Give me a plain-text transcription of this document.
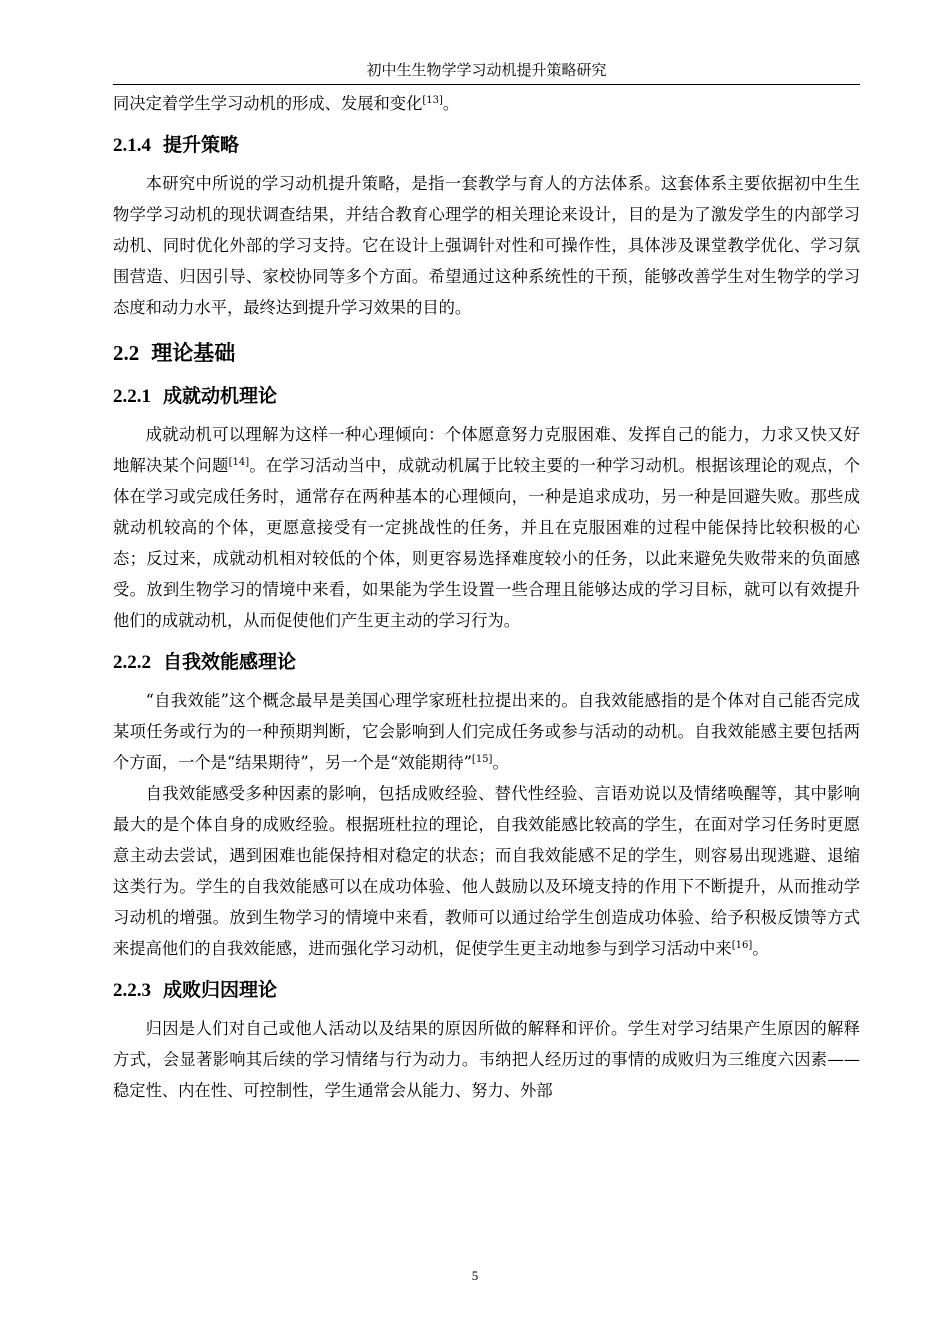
初中生生物学学习动机提升策略研究

同决定着学生学习动机的形成、发展和变化[13]。

2.1.4 提升策略

本研究中所说的学习动机提升策略，是指一套教学与育人的方法体系。这套体系主要依据初中生生物学学习动机的现状调查结果，并结合教育心理学的相关理论来设计，目的是为了激发学生的内部学习动机、同时优化外部的学习支持。它在设计上强调针对性和可操作性，具体涉及课堂教学优化、学习氛围营造、归因引导、家校协同等多个方面。希望通过这种系统性的干预，能够改善学生对生物学的学习态度和动力水平，最终达到提升学习效果的目的。

2.2 理论基础
2.2.1 成就动机理论

成就动机可以理解为这样一种心理倾向：个体愿意努力克服困难、发挥自己的能力，力求又快又好地解决某个问题[14]。在学习活动当中，成就动机属于比较主要的一种学习动机。根据该理论的观点，个体在学习或完成任务时，通常存在两种基本的心理倾向，一种是追求成功，另一种是回避失败。那些成就动机较高的个体，更愿意接受有一定挑战性的任务，并且在克服困难的过程中能保持比较积极的心态；反过来，成就动机相对较低的个体，则更容易选择难度较小的任务，以此来避免失败带来的负面感受。放到生物学习的情境中来看，如果能为学生设置一些合理且能够达成的学习目标，就可以有效提升他们的成就动机，从而促使他们产生更主动的学习行为。

2.2.2 自我效能感理论

“自我效能”这个概念最早是美国心理学家班杜拉提出来的。自我效能感指的是个体对自己能否完成某项任务或行为的一种预期判断，它会影响到人们完成任务或参与活动的动机。自我效能感主要包括两个方面，一个是“结果期待”，另一个是“效能期待”[15]。

自我效能感受多种因素的影响，包括成败经验、替代性经验、言语劝说以及情绪唤醒等，其中影响最大的是个体自身的成败经验。根据班杜拉的理论，自我效能感比较高的学生，在面对学习任务时更愿意主动去尝试，遇到困难也能保持相对稳定的状态；而自我效能感不足的学生，则容易出现逃避、退缩这类行为。学生的自我效能感可以在成功体验、他人鼓励以及环境支持的作用下不断提升，从而推动学习动机的增强。放到生物学习的情境中来看，教师可以通过给学生创造成功体验、给予积极反馈等方式来提高他们的自我效能感，进而强化学习动机，促使学生更主动地参与到学习活动中来[16]。

2.2.3 成败归因理论

归因是人们对自己或他人活动以及结果的原因所做的解释和评价。学生对学习结果产生原因的解释方式，会显著影响其后续的学习情绪与行为动力。韦纳把人经历过的事情的成败归为三维度六因素——稳定性、内在性、可控制性，学生通常会从能力、努力、外部

5
